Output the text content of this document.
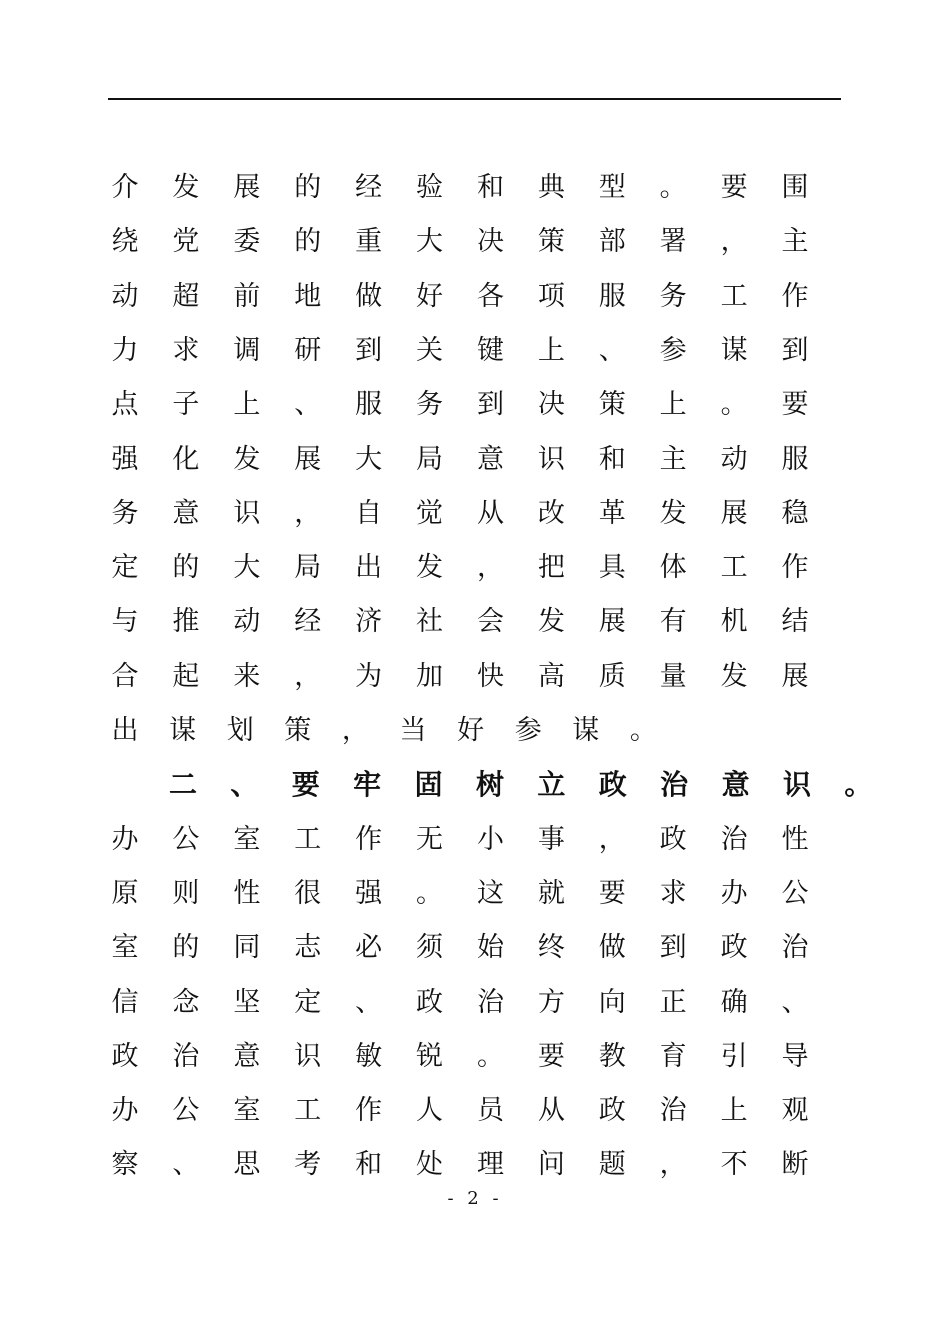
介 发 展 的 经 验 和 典 型 。 要 围
绕 党 委 的 重 大 决 策 部 署 ， 主
动 超 前 地 做 好 各 项 服 务 工 作
力 求 调 研 到 关 键 上 、 参 谋 到
点 子 上 、 服 务 到 决 策 上 。 要
强 化 发 展 大 局 意 识 和 主 动 服
务 意 识 ， 自 觉 从 改 革 发 展 稳
定 的 大 局 出 发 ， 把 具 体 工 作
与 推 动 经 济 社 会 发 展 有 机 结
合 起 来 ， 为 加 快 高 质 量 发 展
出 谋 划 策 ， 当 好 参 谋 。
二 、 要 牢 固 树 立 政 治 意 识 。
办 公 室 工 作 无 小 事 ， 政 治 性
原 则 性 很 强 。 这 就 要 求 办 公
室 的 同 志 必 须 始 终 做 到 政 治
信 念 坚 定 、 政 治 方 向 正 确 、
政 治 意 识 敏 锐 。 要 教 育 引 导
办 公 室 工 作 人 员 从 政 治 上 观
察 、 思 考 和 处 理 问 题 ， 不 断
- 2 -
